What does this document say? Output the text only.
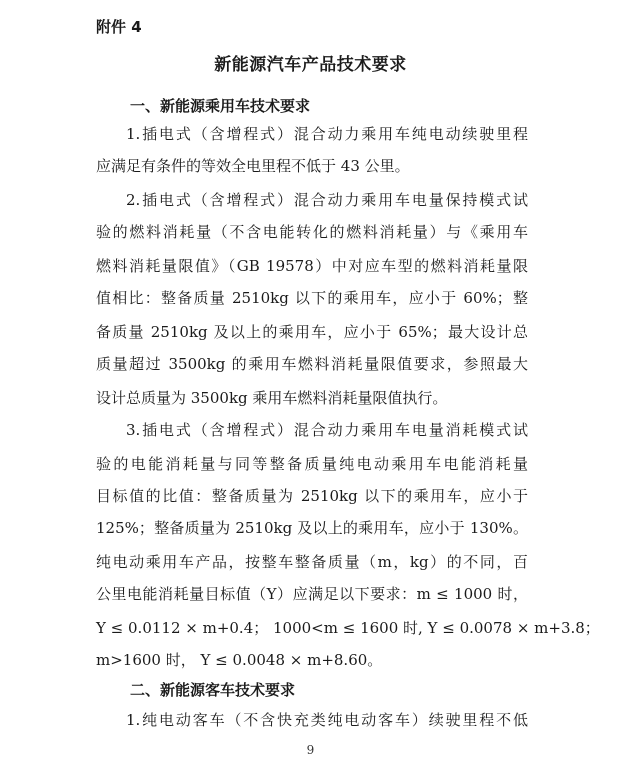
附件 4
新能源汽车产品技术要求
一、新能源乘用车技术要求
1.插电式（含增程式）混合动力乘用车纯电动续驶里程
应满足有条件的等效全电里程不低于 43 公里。
2.插电式（含增程式）混合动力乘用车电量保持模式试
验的燃料消耗量（不含电能转化的燃料消耗量）与《乘用车
燃料消耗量限值》（GB 19578）中对应车型的燃料消耗量限
值相比：整备质量 2510kg 以下的乘用车，应小于 60%；整
备质量 2510kg 及以上的乘用车，应小于 65%；最大设计总
质量超过 3500kg 的乘用车燃料消耗量限值要求，参照最大
设计总质量为 3500kg 乘用车燃料消耗量限值执行。
3.插电式（含增程式）混合动力乘用车电量消耗模式试
验的电能消耗量与同等整备质量纯电动乘用车电能消耗量
目标值的比值：整备质量为 2510kg 以下的乘用车，应小于
125%；整备质量为 2510kg 及以上的乘用车，应小于 130%。
纯电动乘用车产品，按整车整备质量（m，kg）的不同，百
公里电能消耗量目标值（Y）应满足以下要求：m ≤ 1000 时，
Y ≤ 0.0112 × m+0.4； 1000<m ≤ 1600 时, Y ≤ 0.0078 × m+3.8；
m>1600 时， Y ≤ 0.0048 × m+8.60。
二、新能源客车技术要求
1.纯电动客车（不含快充类纯电动客车）续驶里程不低
9
